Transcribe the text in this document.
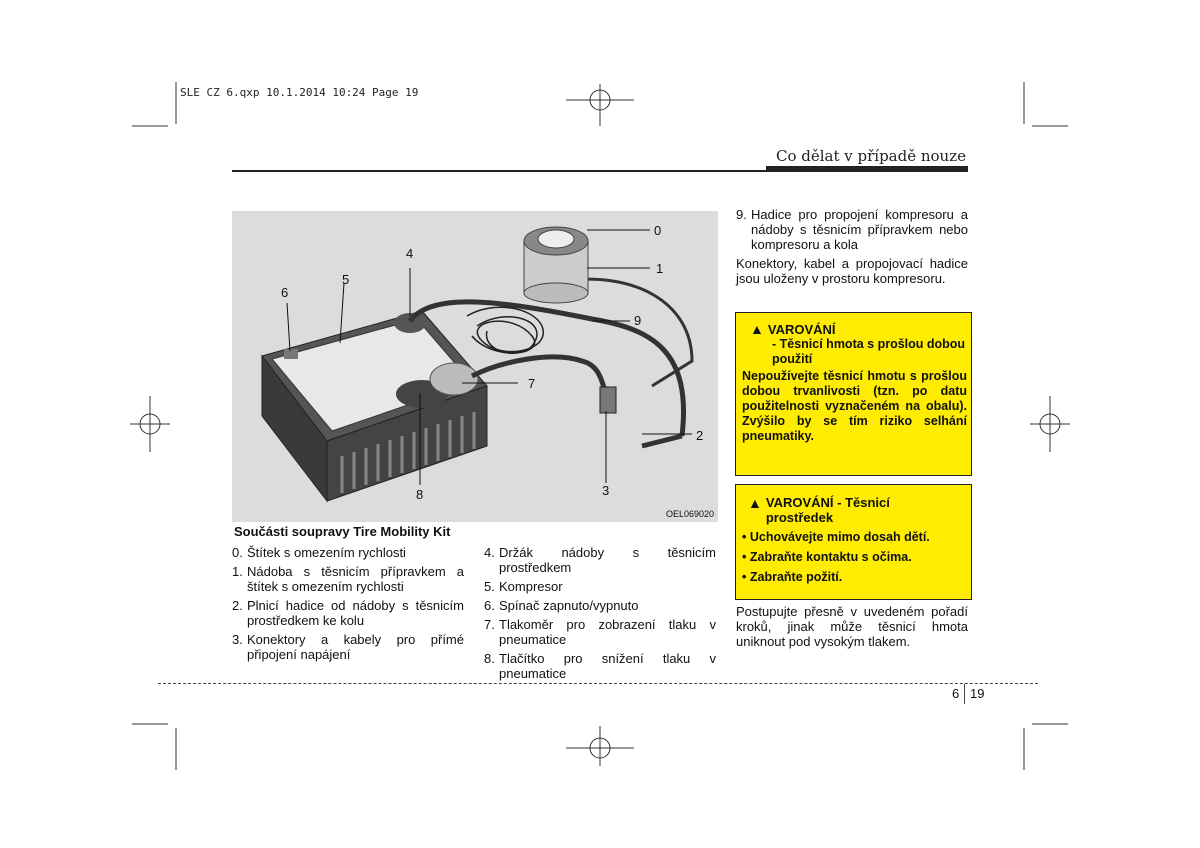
SLE CZ 6.qxp 10.1.2014 10:24 Page 19
Co dělat v případě nouze
0
1
2
3
4
5
6
7
8
9
OEL069020
Součásti soupravy Tire Mobility Kit
0. Štítek s omezením rychlosti
1. Nádoba s těsnicím přípravkem a štítek s omezením rychlosti
2. Plnicí hadice od nádoby s těsnicím prostředkem ke kolu
3. Konektory a kabely pro přímé připojení napájení
4. Držák nádoby s těsnicím prostředkem
5. Kompresor
6. Spínač zapnuto/vypnuto
7. Tlakoměr pro zobrazení tlaku v pneumatice
8. Tlačítko pro snížení tlaku v pneumatice
9. Hadice pro propojení kompresoru a nádoby s těsnicím přípravkem nebo kompresoru a kola
Konektory, kabel a propojovací hadice jsou uloženy v prostoru kompresoru.
▲ VAROVÁNÍ
- Těsnicí hmota s prošlou dobou použití
Nepoužívejte těsnicí hmotu s prošlou dobou trvanlivosti (tzn. po datu použitelnosti vyznačeném na obalu). Zvýšilo by se tím riziko selhání pneumatiky.
▲ VAROVÁNÍ - Těsnicí prostředek
• Uchovávejte mimo dosah dětí.
• Zabraňte kontaktu s očima.
• Zabraňte požití.
Postupujte přesně v uvedeném pořadí kroků, jinak může těsnicí hmota uniknout pod vysokým tlakem.
6 19
